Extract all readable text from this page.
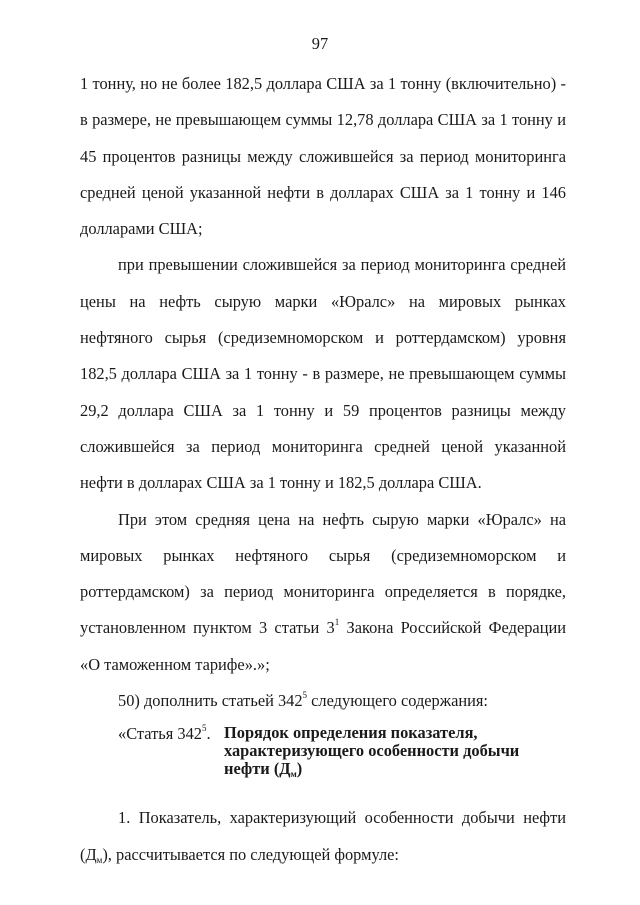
97

1 тонну, но не более 182,5 доллара США за 1 тонну (включительно) - в размере, не превышающем суммы 12,78 доллара США за 1 тонну и 45 процентов разницы между сложившейся за период мониторинга средней ценой указанной нефти в долларах США за 1 тонну и 146 долларами США;

при превышении сложившейся за период мониторинга средней цены на нефть сырую марки «Юралс» на мировых рынках нефтяного сырья (средиземноморском и роттердамском) уровня 182,5 доллара США за 1 тонну - в размере, не превышающем суммы 29,2 доллара США за 1 тонну и 59 процентов разницы между сложившейся за период мониторинга средней ценой указанной нефти в долларах США за 1 тонну и 182,5 доллара США.

При этом средняя цена на нефть сырую марки «Юралс» на мировых рынках нефтяного сырья (средиземноморском и роттердамском) за период мониторинга определяется в порядке, установленном пунктом 3 статьи $3^1$ Закона Российской Федерации «О таможенном тарифе».»;

50) дополнить статьей $342^5$ следующего содержания:

«Статья $342^5$. Порядок определения показателя, характеризующего особенности добычи нефти $(Д_м)$

1. Показатель, характеризующий особенности добычи нефти $(Д_м)$, рассчитывается по следующей формуле:
